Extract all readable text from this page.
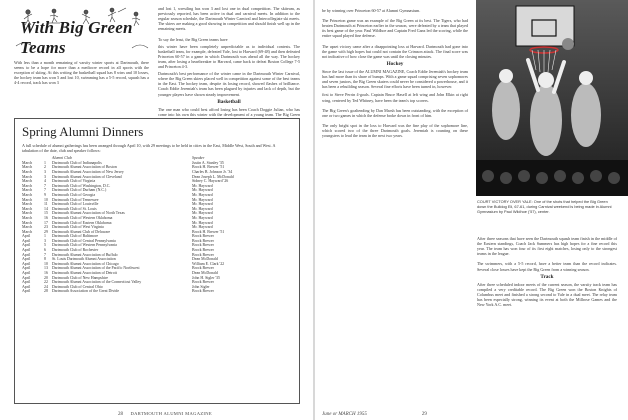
With Big Green Teams
With less than a month remaining of varsity winter sports at Dartmouth, there seems to be a hope for more than a mediocre record in all sports with the exception of skiing. At this writing the basketball squad has 8 wins and 10 losses, the hockey team has won 5 and lost 10, swimming has a 5-5 record, squash has a 4-4 record, track has won 3
and lost 1, wrestling has won 3 and lost one in dual competition. The skiteam, as previously reported, has been active in dual and carnival meets. In addition to the regular season schedule, the Dartmouth Winter Carnival and Intercollegiate ski meets. The skiers are making a good showing in competition and should finish well up in the remaining meets.

To say the least, the Big Green teams have
this winter have been completely unpredictable as to individual contests. The basketball team, for example, defeated Yale, lost to Harvard (69-48) and then defeated Princeton 60-57 in a game in which Dartmouth was ahead all the way. The hockey team, after losing a heartbreaker to Harvard, came back to defeat Boston College 7-5 and Princeton 4-3.
Dartmouth's best performance of the winter came in the Dartmouth Winter Carnival, where the Big Green skiers placed well in competition against some of the best teams in the East. The hockey team, despite its losing record, showed flashes of brilliance. Coach Eddie Jeremiah's team has been plagued by injuries and lack of depth, but the younger players have shown steady improvement.
Basketball
The one man who could best afford losing has been Coach Doggie Julian, who has come into his own this winter with the development of a young team. The Big Green

Spring Alumni Dinners
A full schedule of alumni gatherings has been arranged through April 10, with 29 meetings to be held in cities in the East, Middle West, South and West. A tabulation of the date, club and speaker follows:
		Alumni Club	Speaker
March	1	Dartmouth Club of Indianapolis	Justin A. Stanley '35
March	2	Dartmouth Alumni Association of Boston	Brock H. Brewer '51
March	3	Dartmouth Alumni Association of New Jersey	Charles B. Johnson Jr. '34
March	3	Dartmouth Alumni Association of Cleveland	Dean Joseph L. McDonald
March	4	Dartmouth Club of Virginia	Sidney C. Hayward '26
March	7	Dartmouth Club of Washington, D.C.	Mr. Hayward
March	7	Dartmouth Club of Durham (N.C.)	Mr. Hayward
March	9	Dartmouth Club of Georgia	Mr. Hayward
March	10	Dartmouth Club of Tennessee	Mr. Hayward
March	11	Dartmouth Club of Louisville	Mr. Hayward
March	14	Dartmouth Club of St. Louis	Mr. Hayward
March	15	Dartmouth Alumni Association of North Texas	Mr. Hayward
March	16	Dartmouth Club of Western Oklahoma	Mr. Hayward
March	17	Dartmouth Club of Eastern Oklahoma	Mr. Hayward
March	23	Dartmouth Club of West Virginia	Mr. Hayward
March	29	Dartmouth Alumni Club of Delaware	Brock H. Brewer '51
April	1	Dartmouth Club of Baltimore	Brock Brewer
April	3	Dartmouth Club of Central Pennsylvania	Brock Brewer
April	5	Dartmouth Club of Western Pennsylvania	Brock Brewer
April	6	Dartmouth Club of Rochester	Brock Brewer
April	7	Dartmouth Alumni Association of Buffalo	Brock Brewer
April	8	St. Louis Dartmouth Alumni Association	Dean McDonald
April	10	Dartmouth Alumni Association of Chicago	William E. Clark '22
April	13	Dartmouth Alumni Association of the Pacific Northwest	Brock Brewer
April	16	Dartmouth Alumni Association of Detroit	Dean McDonald
April	20	Dartmouth Club of New Hampshire	John H. Sigler '35
April	22	Dartmouth Alumni Association of the Connecticut Valley	Brock Brewer
April	24	Dartmouth Club of Central Ohio	John Sigler
April	28	Dartmouth Association of the Great Divide	Brock Brewer
28 DARTMOUTH ALUMNI MAGAZINE
be by winning over Princeton 60-57 at Alumni Gymnasium.

The Princeton game was an example of the Big Green at its best. The Tigers, who had beaten Dartmouth at Princeton earlier in the season, were defeated by a team that played its best game of the year. Paul Wildhoe and Captain Fred Ganz led the scoring, while the entire squad played fine defense.

The upset victory came after a disappointing loss at Harvard. Dartmouth had gone into the game with high hopes but could not contain the Crimson attack. The final score was not indicative of how close the game was until the closing minutes.
Hockey
Since the last issue of the ALUMNI MAGAZINE, Coach Eddie Jeremiah's hockey team has had more than its share of bumps. With a game squad comprising seven sophomores and seven juniors, the Big Green skaters could never be considered a powerhouse, and it has been a rebuilding season. Several fine efforts have been turned in, however.
first to Steve Perrin 4-goals. Captain Bruce Hasell at left wing and John Elkin at right wing, centered by Ted Whitney, have been the team's top scorers.

The Big Green's goaltending by Dan Marsh has been outstanding, with the exception of one or two games in which the defense broke down in front of him.

The only bright spot in the loss to Harvard was the fine play of the sophomore line, which scored two of the three Dartmouth goals. Jeremiah is counting on these youngsters to lead the team in the next two years.
COURT VICTORY OVER YALE: One of the shots that helped the Big Green down the Bulldog Eli, 67-61, during Carnival weekend is being made in Alumni Gymnasium by Paul Wildhoe ('57), center.
After three seasons that have seen the Dartmouth squash team finish in the middle of the Eastern standings, Coach Jack Summers has high hopes for a fine record this year. The team has won four of its first eight matches, losing only to the strongest teams in the league.

The swimmers, with a 5-5 record, have a better team than the record indicates. Several close losses have kept the Big Green from a winning season.
Track
After three scheduled indoor meets of the current season, the varsity track team has compiled a very creditable record. The Big Green won the Boston Knights of Columbus meet and finished a strong second to Yale in a dual meet. The relay team has been especially strong, winning its event at both the Millrose Games and the New York A.C. meet.
June or MARCH 1955	29
